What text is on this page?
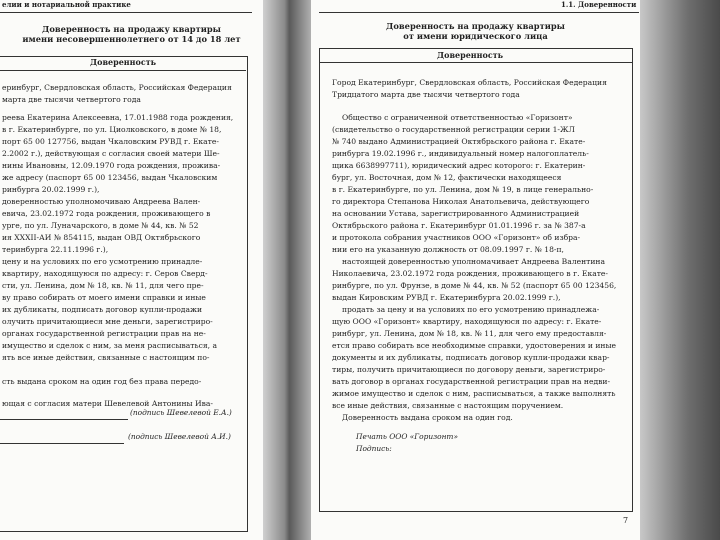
елии и нотариальной практике
Доверенность на продажу квартиры
имени несовершеннолетнего от 14 до 18 лет
Доверенность
еринбург, Свердловская область, Российская Федерация
марта две тысячи четвертого года
реева Екатерина Алексеевна, 17.01.1988 года рождения,
в г. Екатеринбурге, по ул. Циолковского, в доме № 18,
порт 65 00 127756, выдан Чкаловским РУВД г. Екате-
2.2002 г.), действующая с согласия своей матери Ше-
нины Ивановны, 12.09.1970 года рождения, прожива-
же адресу (паспорт 65 00 123456, выдан Чкаловским
ринбурга 20.02.1999 г.),
доверенностью уполномочиваю Андреева Вален-
евича, 23.02.1972 года рождения, проживающего в
ургe, по ул. Луначарского, в доме № 44, кв. № 52
ия XXXII-АИ № 854115, выдан ОВД Октябрьского
теринбурга 22.11.1996 г.),
цену и на условиях по его усмотрению принадле-
квартиру, находящуюся по адресу: г. Серов Сверд-
сти, ул. Ленина, дом № 18, кв. № 11, для чего пре-
ву право собирать от моего имени справки и иные
их дубликаты, подписать договор купли-продажи
олучить причитающиеся мне деньги, зарегистриро-
органах государственной регистрации прав на не-
имущество и сделок с ним, за меня расписываться, а
ять все иные действия, связанные с настоящим по-
сть выдана сроком на один год без права передо-
ющая с согласия матери Шевелевой Антонины Ива-
(подпись Шевелевой Е.А.)
(подпись Шевелевой А.И.)
1.1. Доверенности
Доверенность на продажу квартиры
от имени юридического лица
Доверенность
Город Екатеринбург, Свердловская область, Российская Федерация
Тридцатого марта две тысячи четвертого года
Общество с ограниченной ответственностью «Горизонт»
(свидетельство о государственной регистрации серии 1-ЖЛ
№ 740 выдано Администрацией Октябрьского района г. Екате-
ринбурга 19.02.1996 г., индивидуальный номер налогоплатель-
щика 6638997711), юридический адрес которого: г. Екатерин-
бург, ул. Восточная, дом № 12, фактически находящееся
в г. Екатеринбурге, по ул. Ленина, дом № 19, в лице генерально-
го директора Степанова Николая Анатольевича, действующего
на основании Устава, зарегистрированного Администрацией
Октябрьского района г. Екатеринбург 01.01.1996 г. за № 387-а
и протокола собрания участников ООО «Горизонт» об избра-
нии его на указанную должность от 08.09.1997 г. № 18-п,
настоящей доверенностью уполномачивает Андреева Валентина
Николаевича, 23.02.1972 года рождения, проживающего в г. Екате-
ринбурге, по ул. Фрунзе, в доме № 44, кв. № 52 (паспорт 65 00 123456,
выдан Кировским РУВД г. Екатеринбурга 20.02.1999 г.),
продать за цену и на условиях по его усмотрению принадлежа-
щую ООО «Горизонт» квартиру, находящуюся по адресу: г. Екате-
ринбург, ул. Ленина, дом № 18, кв. № 11, для чего ему предоставля-
ется право собирать все необходимые справки, удостоверения и иные
документы и их дубликаты, подписать договор купли-продажи квар-
тиры, получить причитающиеся по договору деньги, зарегистриро-
вать договор в органах государственной регистрации прав на недви-
жимое имущество и сделок с ним, расписываться, а также выполнять
все иные действия, связанные с настоящим поручением.
Доверенность выдана сроком на один год.
Печать ООО «Горизонт»
Подпись:
7
